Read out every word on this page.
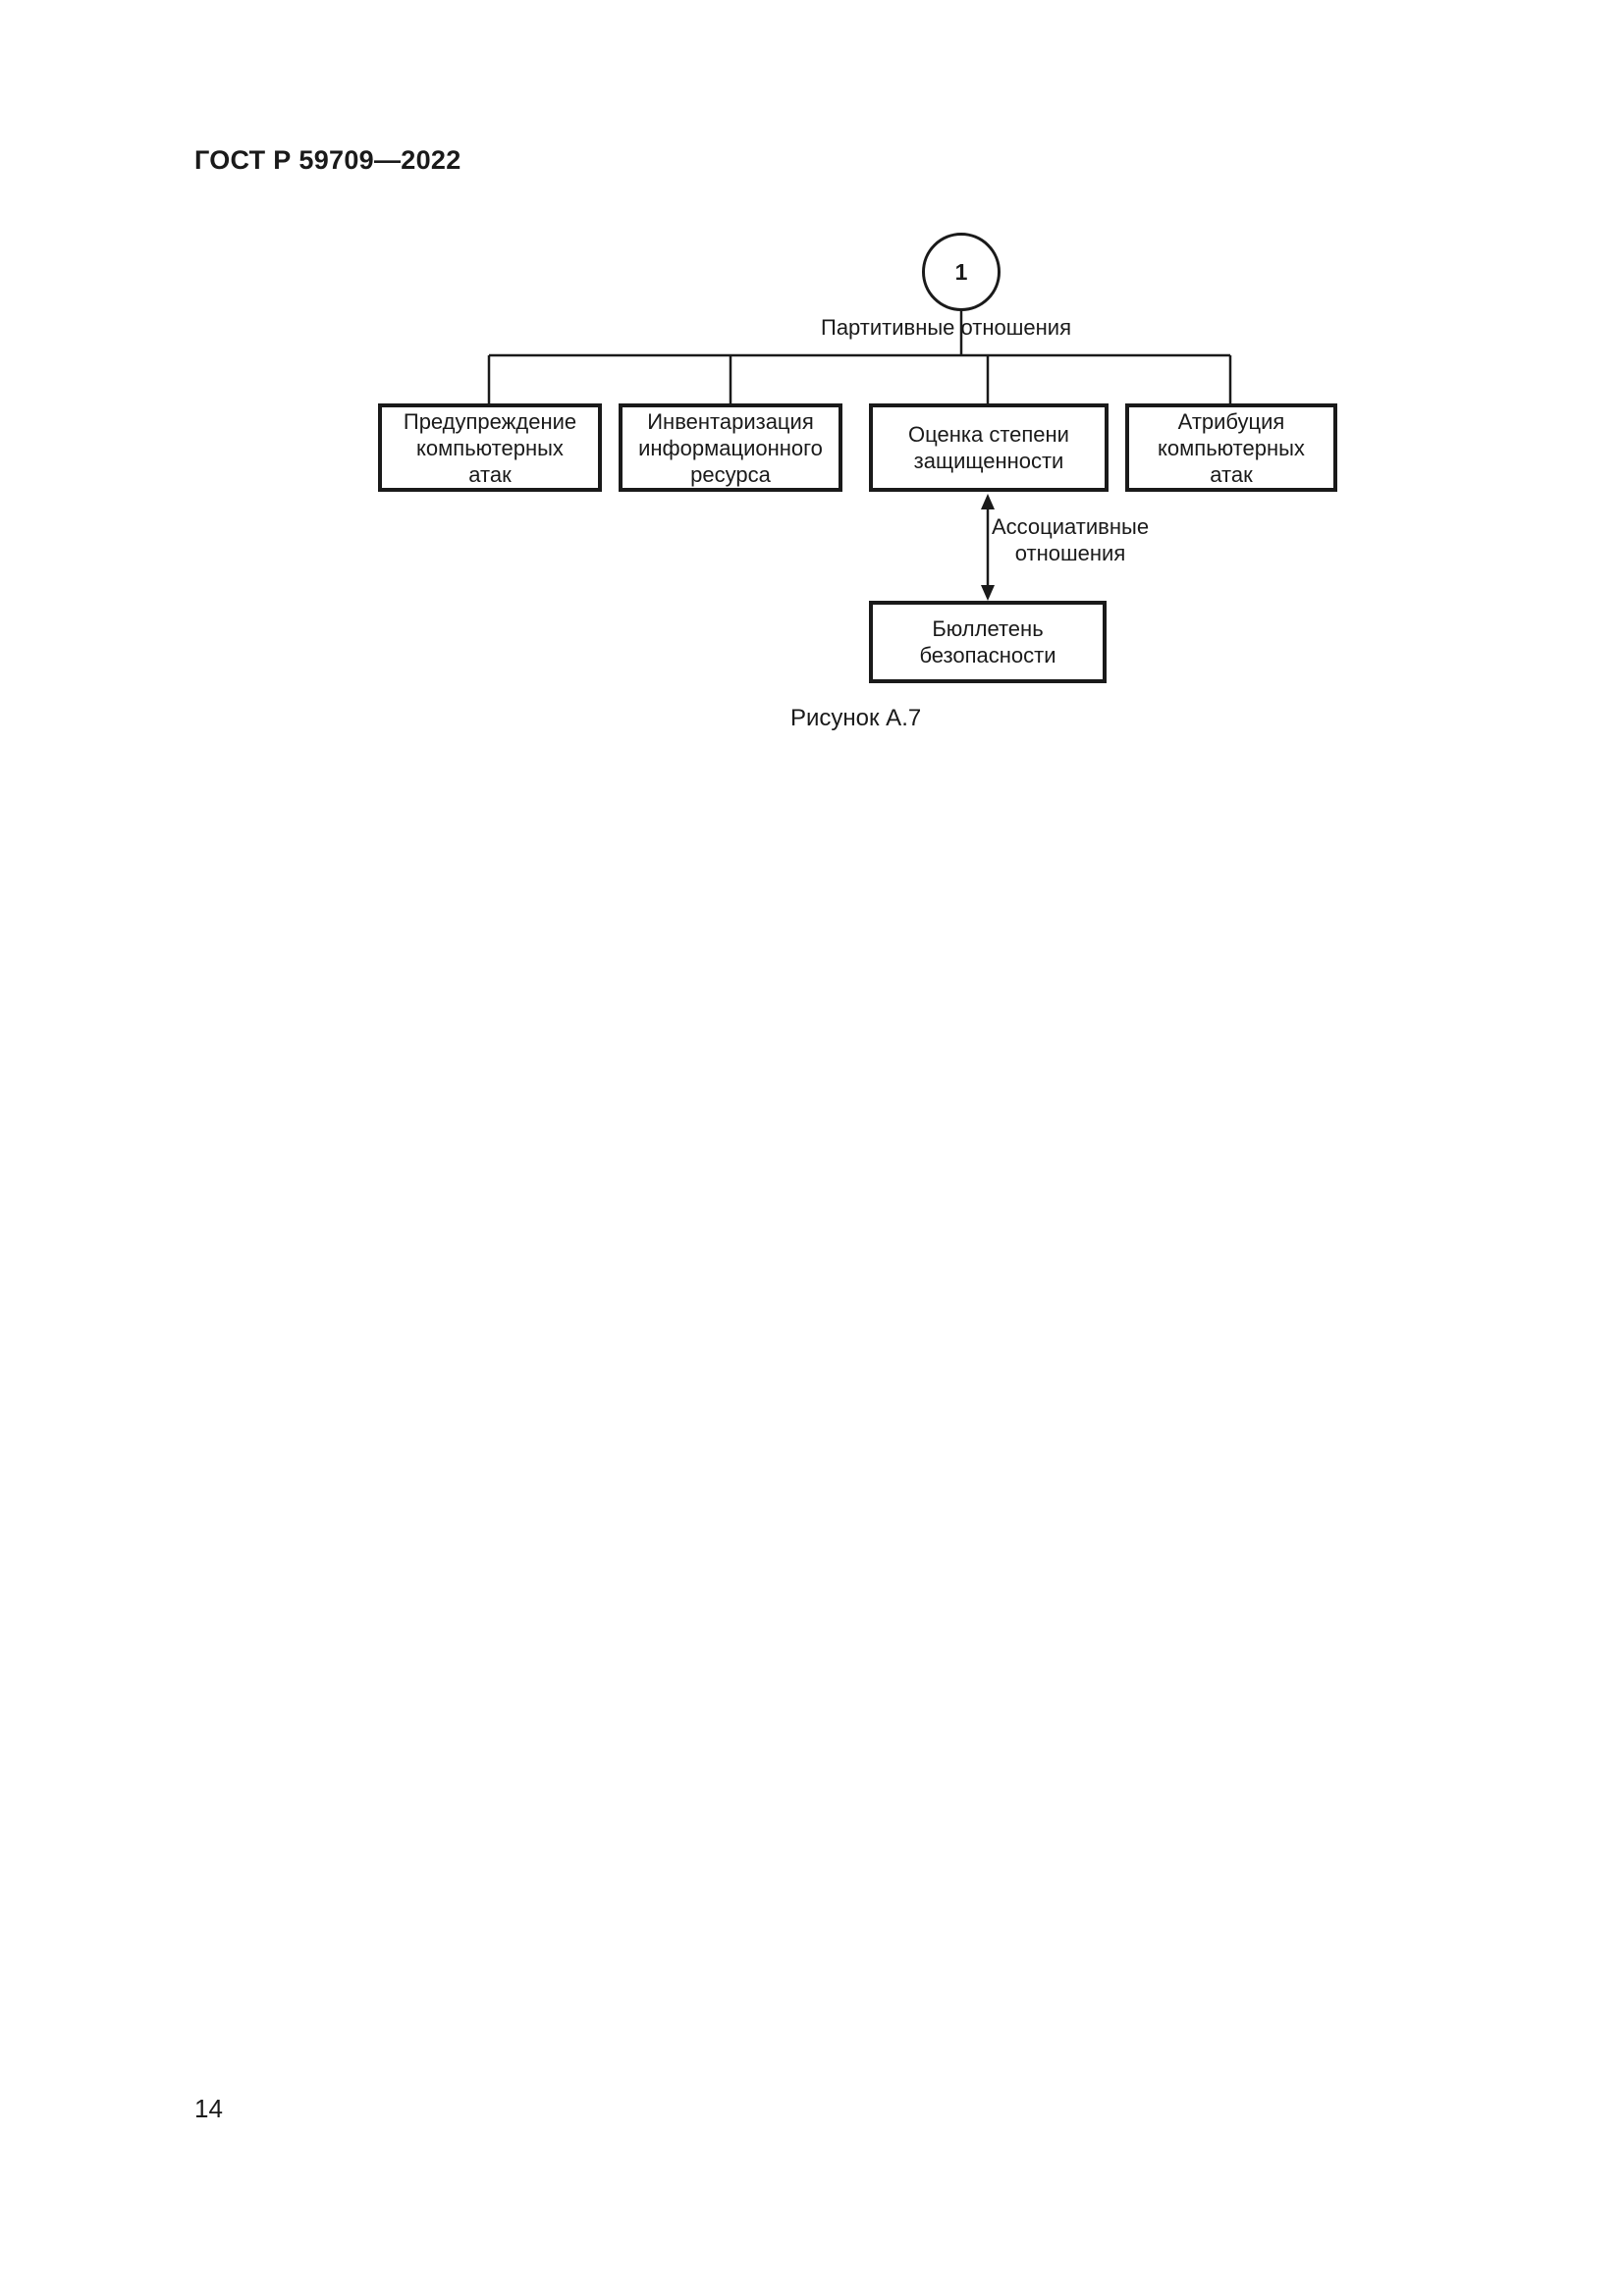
ГОСТ Р 59709—2022
1
Партитивные отношения
Предупреждение
компьютерных
атак
Инвентаризация
информационного
ресурса
Оценка степени
защищенности
Атрибуция
компьютерных
атак
Ассоциативные
отношения
Бюллетень
безопасности
Рисунок А.7
14
